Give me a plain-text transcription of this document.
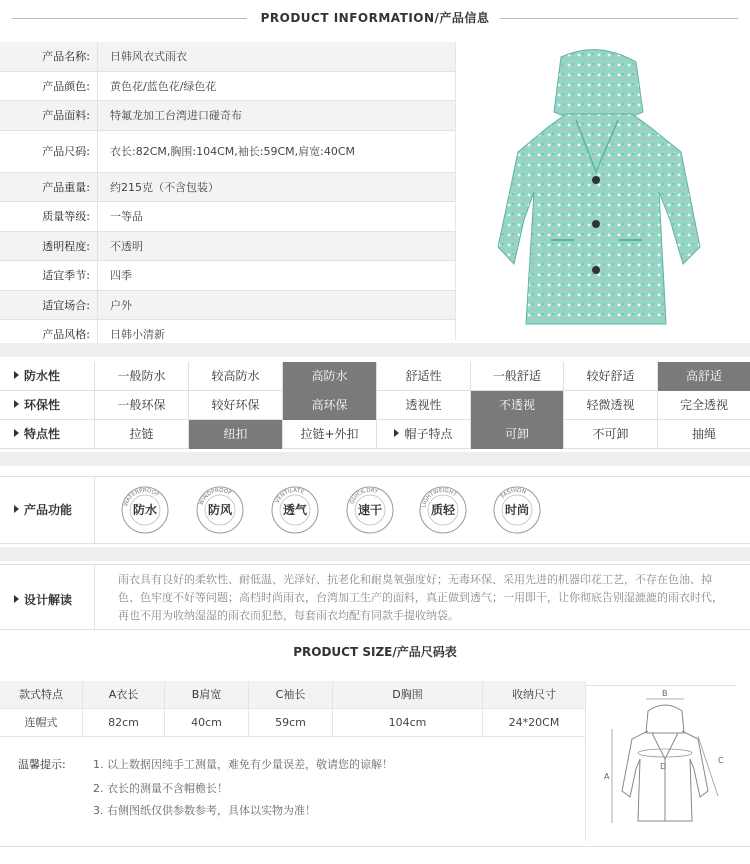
PRODUCT INFORMATION/产品信息
产品名称: 日韩风衣式雨衣
产品颜色: 黄色花/蓝色花/绿色花
产品面料: 特氟龙加工台湾进口碰奇布
产品尺码: 衣长:82CM,胸围:104CM,袖长:59CM,肩宽:40CM
产品重量: 约215克（不含包装）
质量等级: 一等品
透明程度: 不透明
适宜季节: 四季
适宜场合: 户外
产品风格: 日韩小清新
防水性	一般防水	较高防水	高防水	舒适性	一般舒适	较好舒适	高舒适
环保性	一般环保	较好环保	高环保	透视性	不透视	轻微透视	完全透视
特点性	拉链	纽扣	拉链+外扣	帽子特点	可卸	不可卸	抽绳
产品功能	WATERPROOF
防水
WINDPROOF
防风
VENTILATE
透气
QUICK-DRY
速干	LIGHTWEIGHT
质轻
FASHION
时尚
设计解读
雨衣具有良好的柔软性、耐低温、光泽好、抗老化和耐臭氧强度好；无毒环保、采用先进的机器印花工艺，不存在色油、掉色、色牢度不好等问题；高档时尚雨衣，台湾加工生产的面料，真正做到透气；一用即干，让你彻底告别湿漉漉的雨衣时代，再也不用为收纳湿湿的雨衣而犯愁，每套雨衣均配有同款手提收纳袋。
PRODUCT SIZE/产品尺码表
款式特点	A衣长	B肩宽	C袖长	D胸围	收纳尺寸
连帽式	82cm	40cm	59cm	104cm	24*20CM
温馨提示: 1. 以上数据因纯手工测量，难免有少量误差，敬请您的谅解！
2. 衣长的测量不含帽檐长！
3. 右侧图纸仅供参数参考，具体以实物为准！
B
A
C
D
